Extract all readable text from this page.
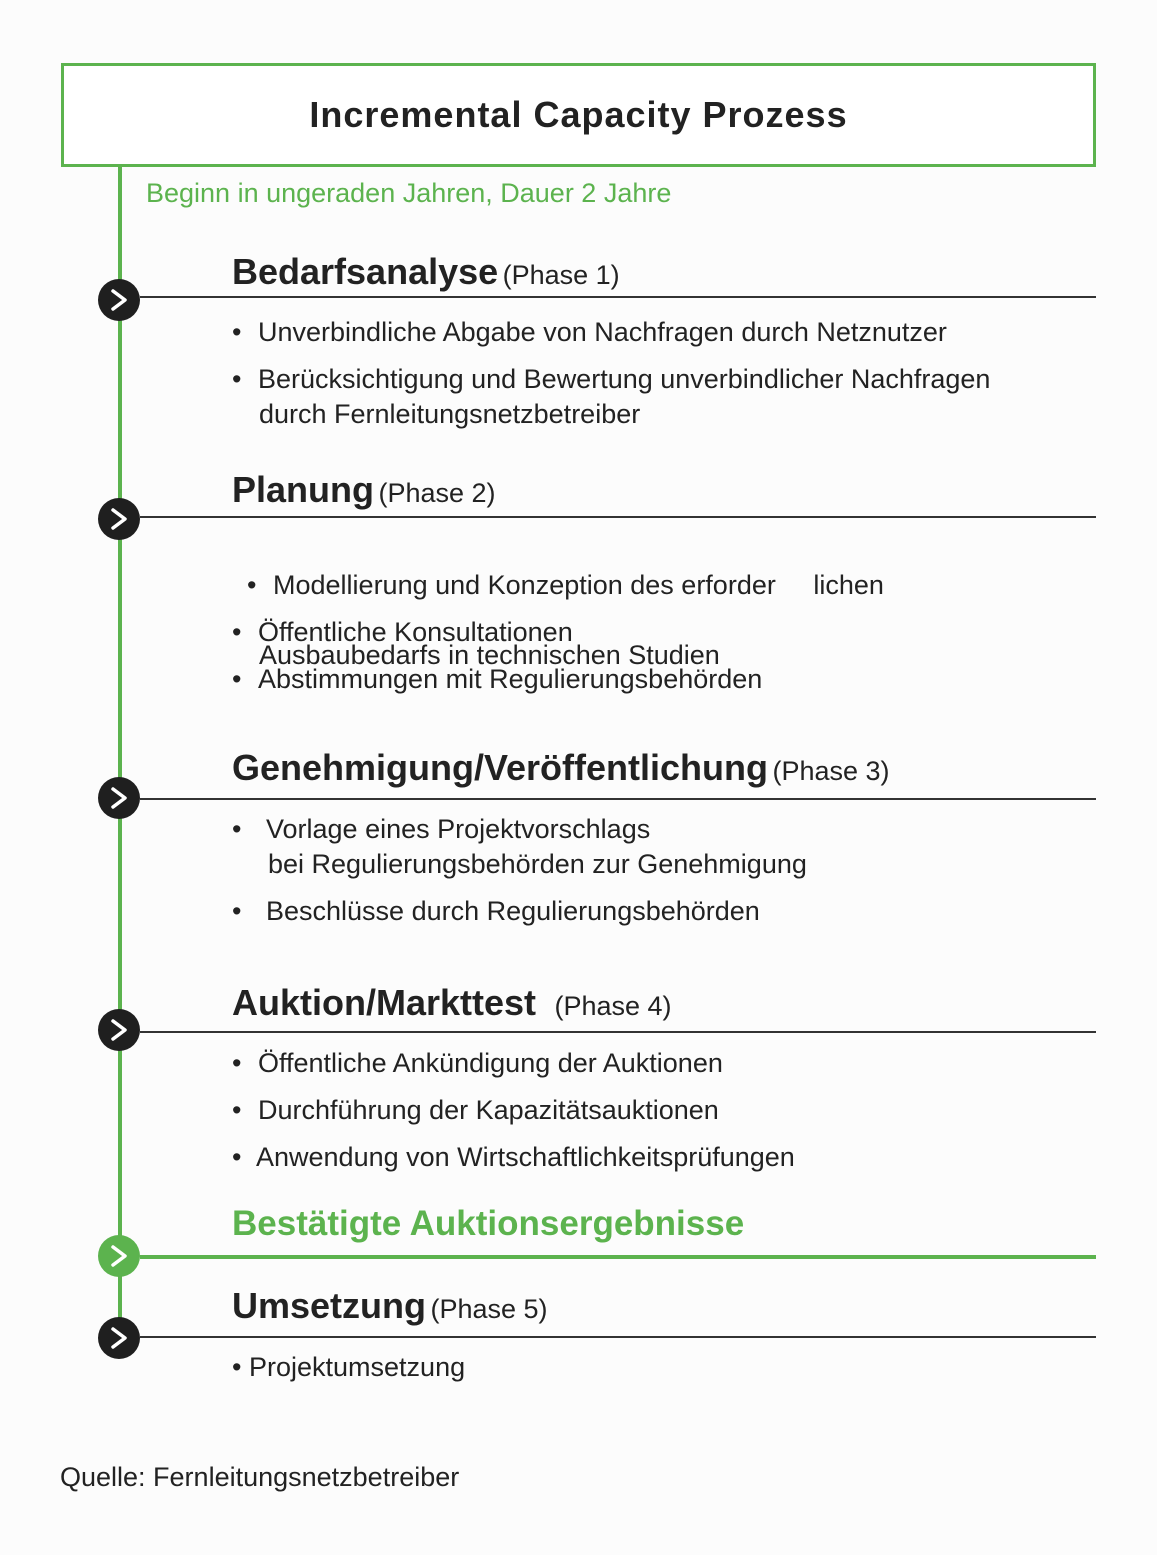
Incremental Capacity Prozess
Beginn in ungeraden Jahren, Dauer 2 Jahre
Bedarfsanalyse (Phase 1)
• Unverbindliche Abgabe von Nachfragen durch Netznutzer
• Berücksichtigung und Bewertung unverbindlicher Nachfragen
durch Fernleitungsnetzbetreiber
Planung (Phase 2)

• Modellierung und Konzeption des erforder     lichen

Ausbaubedarfs in technischen Studien

• Öffentliche Konsultationen
• Abstimmungen mit Regulierungsbehörden
Genehmigung/Veröffentlichung (Phase 3)
• Vorlage eines Projektvorschlags
bei Regulierungsbehörden zur Genehmigung
• Beschlüsse durch Regulierungsbehörden
Auktion/Markttest (Phase 4)
• Öffentliche Ankündigung der Auktionen
• Durchführung der Kapazitätsauktionen
• Anwendung von Wirtschaftlichkeitsprüfungen
Bestätigte Auktionsergebnisse
Umsetzung (Phase 5)
• Projektumsetzung
Quelle: Fernleitungsnetzbetreiber
